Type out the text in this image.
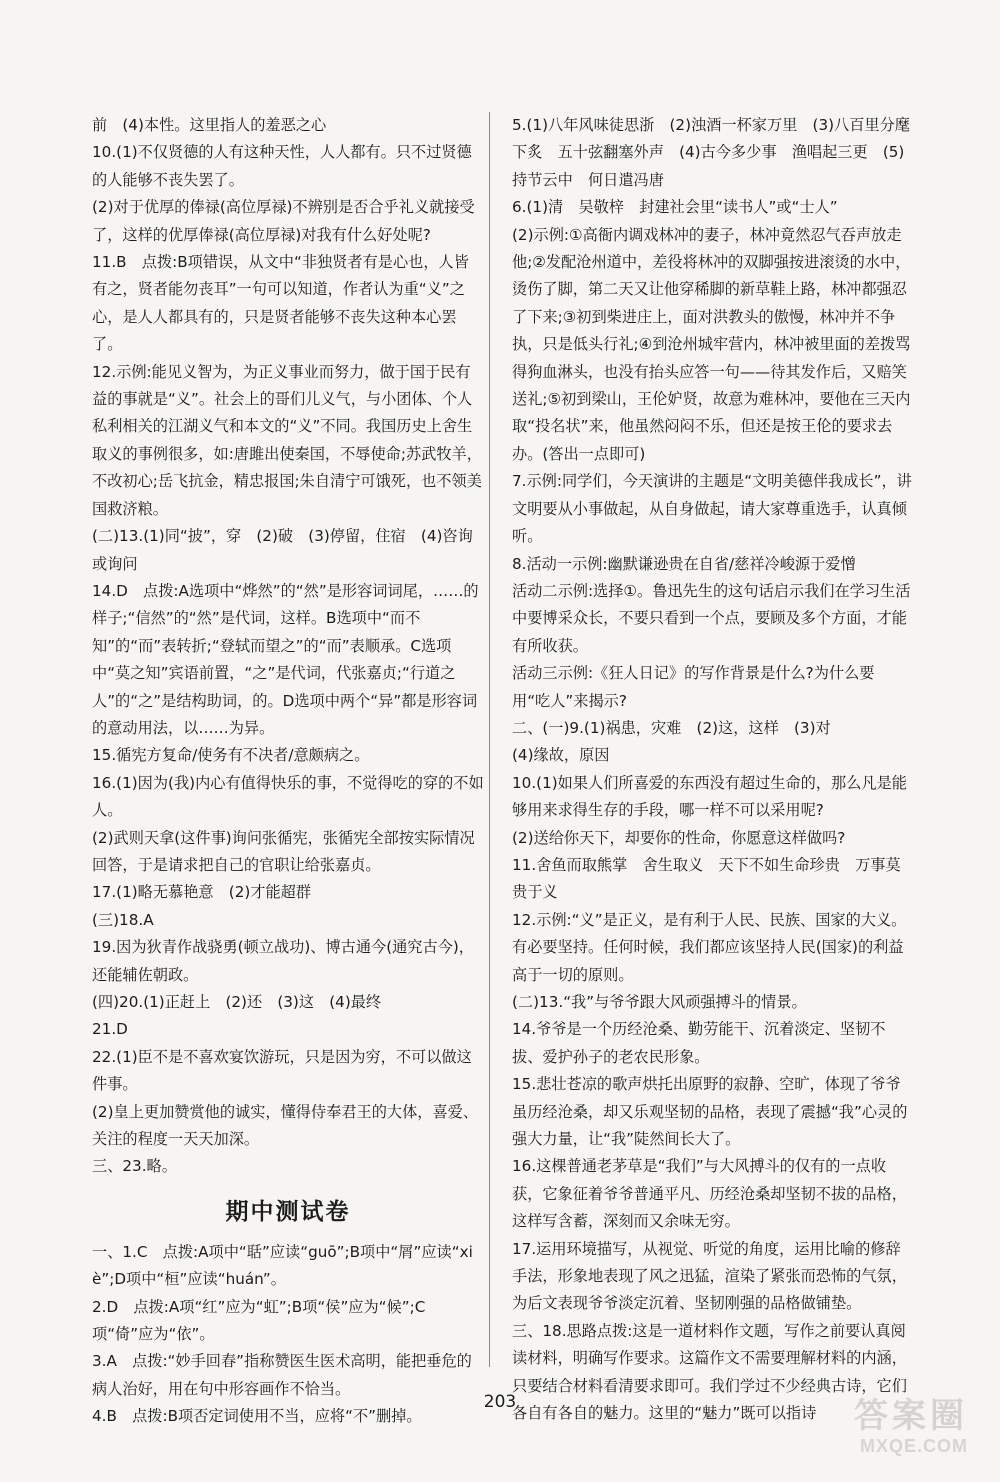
前　(4)本性。这里指人的羞恶之心

10.(1)不仅贤德的人有这种天性，人人都有。只不过贤德的人能够不丧失罢了。

(2)对于优厚的俸禄(高位厚禄)不辨别是否合乎礼义就接受了，这样的优厚俸禄(高位厚禄)对我有什么好处呢?

11.B　点拨:B项错误，从文中“非独贤者有是心也，人皆有之，贤者能勿丧耳”一句可以知道，作者认为重“义”之心，是人人都具有的，只是贤者能够不丧失这种本心罢了。

12.示例:能见义智为，为正义事业而努力，做于国于民有益的事就是“义”。社会上的哥们儿义气，与小团体、个人私利相关的江湖义气和本文的“义”不同。我国历史上舍生取义的事例很多，如:唐雎出使秦国，不辱使命;苏武牧羊，不改初心;岳飞抗金，精忠报国;朱自清宁可饿死，也不领美国救济粮。

(二)13.(1)同“披”，穿　(2)破　(3)停留，住宿　(4)咨询或询问

14.D　点拨:A选项中“烨然”的“然”是形容词词尾，……的样子;“信然”的“然”是代词，这样。B选项中“而不知”的“而”表转折;“登轼而望之”的“而”表顺承。C选项中“莫之知”宾语前置，“之”是代词，代张嘉贞;“行道之人”的“之”是结构助词，的。D选项中两个“异”都是形容词的意动用法，以……为异。

15.循宪方复命/使务有不决者/意颇病之。

16.(1)因为(我)内心有值得快乐的事，不觉得吃的穿的不如人。

(2)武则天拿(这件事)询问张循宪，张循宪全部按实际情况回答，于是请求把自己的官职让给张嘉贞。

17.(1)略无慕艳意　(2)才能超群

(三)18.A

19.因为狄青作战骁勇(顿立战功)、博古通今(通究古今)，还能辅佐朝政。

(四)20.(1)正赶上　(2)还　(3)这　(4)最终

21.D

22.(1)臣不是不喜欢宴饮游玩，只是因为穷，不可以做这件事。

(2)皇上更加赞赏他的诚实，懂得侍奉君王的大体，喜爱、关注的程度一天天加深。

三、23.略。

期中测试卷

一、1.C　点拨:A项中“聒”应读“guō”;B项中“屑”应读“xiè”;D项中“桓”应读“huán”。

2.D　点拨:A项“红”应为“虹”;B项“侯”应为“候”;C项“倚”应为“依”。

3.A　点拨:“妙手回春”指称赞医生医术高明，能把垂危的病人治好，用在句中形容画作不恰当。

4.B　点拨:B项否定词使用不当，应将“不”删掉。

5.(1)八年风味徒思浙　(2)浊酒一杯家万里　(3)八百里分麾下炙　五十弦翻塞外声　(4)古今多少事　渔唱起三更　(5)持节云中　何日遣冯唐

6.(1)清　吴敬梓　封建社会里“读书人”或“士人”

(2)示例:①高衙内调戏林冲的妻子，林冲竟然忍气吞声放走他;②发配沧州道中，差役将林冲的双脚强按进滚烫的水中，烫伤了脚，第二天又让他穿稀脚的新草鞋上路，林冲都强忍了下来;③初到柴进庄上，面对洪教头的傲慢，林冲并不争执，只是低头行礼;④到沧州城牢营内，林冲被里面的差拨骂得狗血淋头，也没有抬头应答一句——待其发作后，又赔笑送礼;⑤初到梁山，王伦妒贤，故意为难林冲，要他在三天内取“投名状”来，他虽然闷闷不乐，但还是按王伦的要求去办。(答出一点即可)

7.示例:同学们，今天演讲的主题是“文明美德伴我成长”，讲文明要从小事做起，从自身做起，请大家尊重选手，认真倾听。

8.活动一示例:幽默谦逊贵在自省/慈祥冷峻源于爱憎

活动二示例:选择①。鲁迅先生的这句话启示我们在学习生活中要博采众长，不要只看到一个点，要顾及多个方面，才能有所收获。

活动三示例:《狂人日记》的写作背景是什么?为什么要用“吃人”来揭示?

二、(一)9.(1)祸患，灾难　(2)这，这样　(3)对

(4)缘故，原因

10.(1)如果人们所喜爱的东西没有超过生命的，那么凡是能够用来求得生存的手段，哪一样不可以采用呢?

(2)送给你天下，却要你的性命，你愿意这样做吗?

11.舍鱼而取熊掌　舍生取义　天下不如生命珍贵　万事莫贵于义

12.示例:“义”是正义，是有利于人民、民族、国家的大义。有必要坚持。任何时候，我们都应该坚持人民(国家)的利益高于一切的原则。

(二)13.“我”与爷爷跟大风顽强搏斗的情景。

14.爷爷是一个历经沧桑、勤劳能干、沉着淡定、坚韧不拔、爱护孙子的老农民形象。

15.悲壮苍凉的歌声烘托出原野的寂静、空旷，体现了爷爷虽历经沧桑，却又乐观坚韧的品格，表现了震撼“我”心灵的强大力量，让“我”陡然间长大了。

16.这棵普通老茅草是“我们”与大风搏斗的仅有的一点收获，它象征着爷爷普通平凡、历经沧桑却坚韧不拔的品格，这样写含蓄，深刻而又余味无穷。

17.运用环境描写，从视觉、听觉的角度，运用比喻的修辞手法，形象地表现了风之迅猛，渲染了紧张而恐怖的气氛，为后文表现爷爷淡定沉着、坚韧刚强的品格做铺垫。

三、18.思路点拨:这是一道材料作文题，写作之前要认真阅读材料，明确写作要求。这篇作文不需要理解材料的内涵，只要结合材料看清要求即可。我们学过不少经典古诗，它们各自有各自的魅力。这里的“魅力”既可以指诗

203	答案圈
MXQE.COM
